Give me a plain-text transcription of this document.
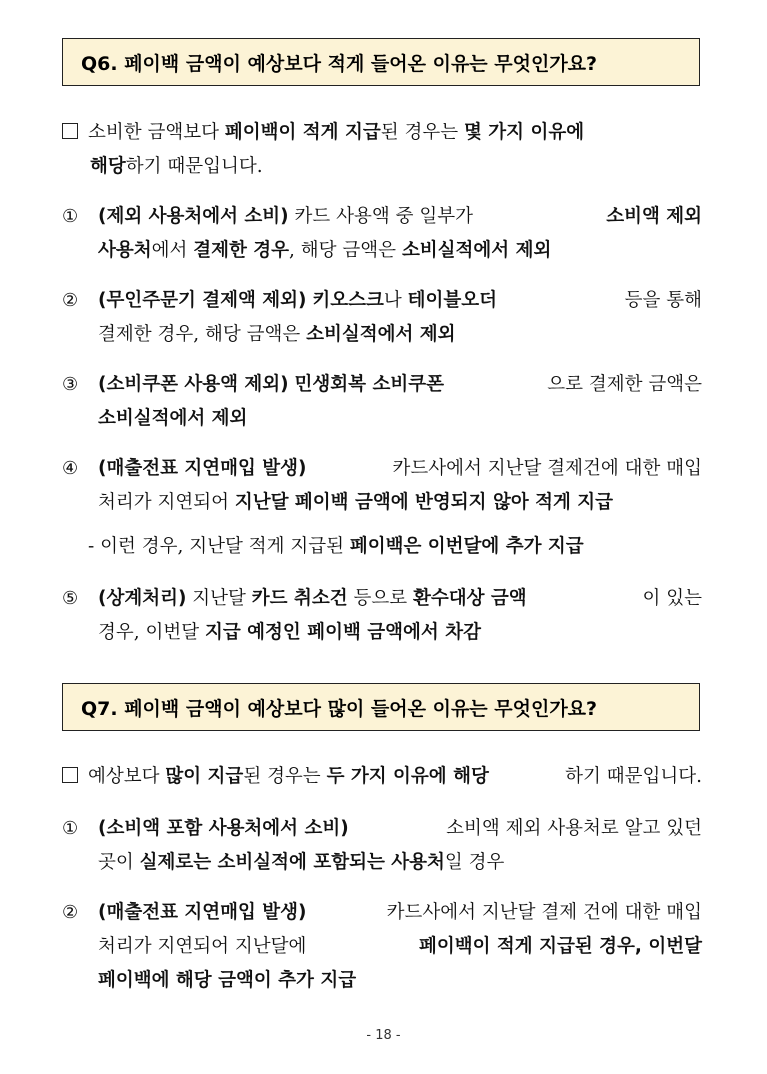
Q6. 페이백 금액이 예상보다 적게 들어온 이유는 무엇인가요?
소비한 금액보다 페이백이 적게 지급된 경우는 몇 가지 이유에
해당하기 때문입니다.
① (제외 사용처에서 소비) 카드 사용액 중 일부가	소비액 제외
사용처에서 결제한 경우, 해당 금액은 소비실적에서 제외
② (무인주문기 결제액 제외) 키오스크나 테이블오더	등을 통해
결제한 경우, 해당 금액은 소비실적에서 제외
③ (소비쿠폰 사용액 제외) 민생회복 소비쿠폰	으로 결제한 금액은
소비실적에서 제외
④ (매출전표 지연매입 발생)	카드사에서 지난달 결제건에 대한 매입
처리가 지연되어 지난달 페이백 금액에 반영되지 않아 적게 지급
- 이런 경우, 지난달 적게 지급된 페이백은 이번달에 추가 지급
⑤ (상계처리) 지난달 카드 취소건 등으로 환수대상 금액	이 있는
경우, 이번달 지급 예정인 페이백 금액에서 차감
Q7. 페이백 금액이 예상보다 많이 들어온 이유는 무엇인가요?
예상보다 많이 지급된 경우는 두 가지 이유에 해당	하기 때문입니다.
① (소비액 포함 사용처에서 소비)	소비액 제외 사용처로 알고 있던
곳이 실제로는 소비실적에 포함되는 사용처일 경우
② (매출전표 지연매입 발생)	카드사에서 지난달 결제 건에 대한 매입
처리가 지연되어 지난달에	페이백이 적게 지급된 경우, 이번달
페이백에 해당 금액이 추가 지급
- 18 -
